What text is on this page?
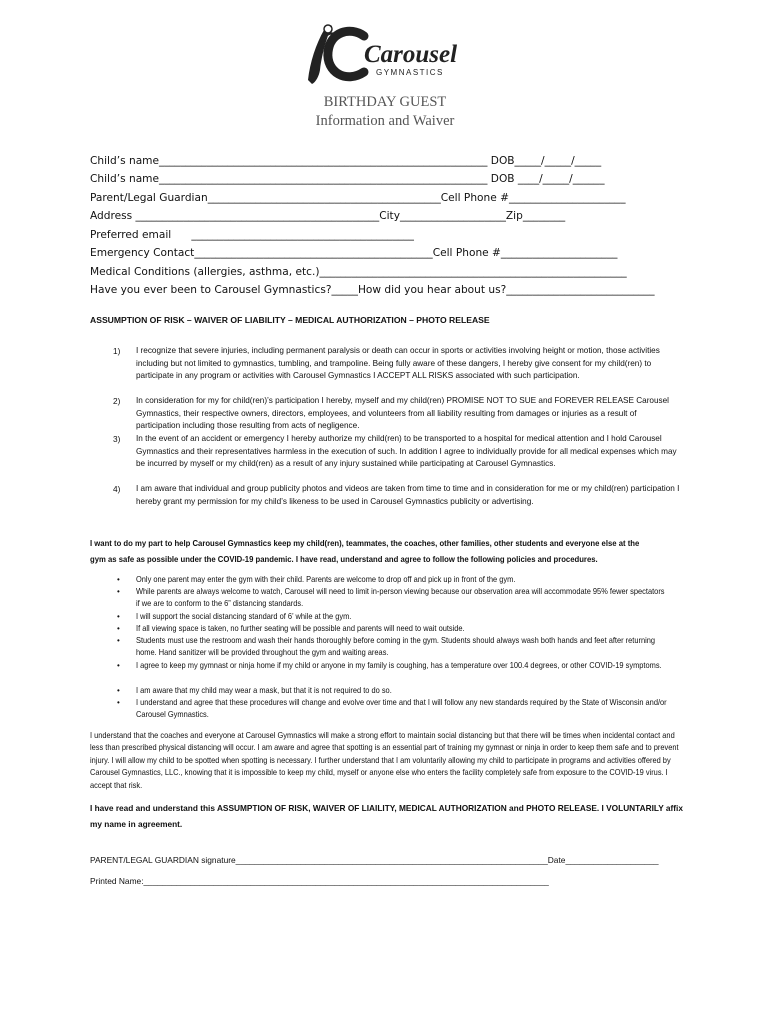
Carousel
GYMNASTICS
BIRTHDAY GUEST
Information and Waiver
Child’s name______________________________________________________________ DOB_____/_____/_____
Child’s name______________________________________________________________ DOB ____/_____/______
Parent/Legal Guardian____________________________________________Cell Phone #______________________
Address ______________________________________________City____________________Zip________
Preferred email      __________________________________________
Emergency Contact_____________________________________________Cell Phone #______________________
Medical Conditions (allergies, asthma, etc.)__________________________________________________________
Have you ever been to Carousel Gymnastics?_____How did you hear about us?____________________________
ASSUMPTION OF RISK – WAIVER OF LIABILITY – MEDICAL AUTHORIZATION – PHOTO RELEASE
1) I recognize that severe injuries, including permanent paralysis or death can occur in sports or activities involving height or motion, those activities including but not limited to gymnastics, tumbling, and trampoline. Being fully aware of these dangers, I hereby give consent for my child(ren) to participate in any program or activities with Carousel Gymnastics I ACCEPT ALL RISKS associated with such participation.
2) In consideration for my for child(ren)’s participation I hereby, myself and my child(ren) PROMISE NOT TO SUE and FOREVER RELEASE Carousel Gymnastics, their respective owners, directors, employees, and volunteers from all liability resulting from damages or injuries as a result of participation including those resulting from acts of negligence.
3) In the event of an accident or emergency I hereby authorize my child(ren) to be transported to a hospital for medical attention and I hold Carousel Gymnastics and their representatives harmless in the execution of such. In addition I agree to individually provide for all medical expenses which may be incurred by myself or my child(ren) as a result of any injury sustained while participating at Carousel Gymnastics.
4) I am aware that individual and group publicity photos and videos are taken from time to time and in consideration for me or my child(ren) participation I hereby grant my permission for my child’s likeness to be used in Carousel Gymnastics publicity or advertising.
I want to do my part to help Carousel Gymnastics keep my child(ren), teammates, the coaches, other families, other students and everyone else at the gym as safe as possible under the COVID-19 pandemic. I have read, understand and agree to follow the following policies and procedures.
• Only one parent may enter the gym with their child. Parents are welcome to drop off and pick up in front of the gym.
• While parents are always welcome to watch, Carousel will need to limit in-person viewing because our observation area will accommodate 95% fewer spectators if we are to conform to the 6” distancing standards.
• I will support the social distancing standard of 6’ while at the gym.
• If all viewing space is taken, no further seating will be possible and parents will need to wait outside.
• Students must use the restroom and wash their hands thoroughly before coming in the gym. Students should always wash both hands and feet after returning home. Hand sanitizer will be provided throughout the gym and waiting areas.
• I agree to keep my gymnast or ninja home if my child or anyone in my family is coughing, has a temperature over 100.4 degrees, or other COVID-19 symptoms.
• I am aware that my child may wear a mask, but that it is not required to do so.
• I understand and agree that these procedures will change and evolve over time and that I will follow any new standards required by the State of Wisconsin and/or Carousel Gymnastics.
I understand that the coaches and everyone at Carousel Gymnastics will make a strong effort to maintain social distancing but that there will be times when incidental contact and less than prescribed physical distancing will occur. I am aware and agree that spotting is an essential part of training my gymnast or ninja in order to keep them safe and to prevent injury. I will allow my child to be spotted when spotting is necessary. I further understand that I am voluntarily allowing my child to participate in programs and activities offered by Carousel Gymnastics, LLC., knowing that it is impossible to keep my child, myself or anyone else who enters the facility completely safe from exposure to the COVID-19 virus. I accept that risk.
I have read and understand this ASSUMPTION OF RISK, WAIVER OF LIAILITY, MEDICAL AUTHORIZATION and PHOTO RELEASE. I VOLUNTARILY affix my name in agreement.
PARENT/LEGAL GUARDIAN signature___________________________________________________________________Date____________________
Printed Name:_______________________________________________________________________________________
